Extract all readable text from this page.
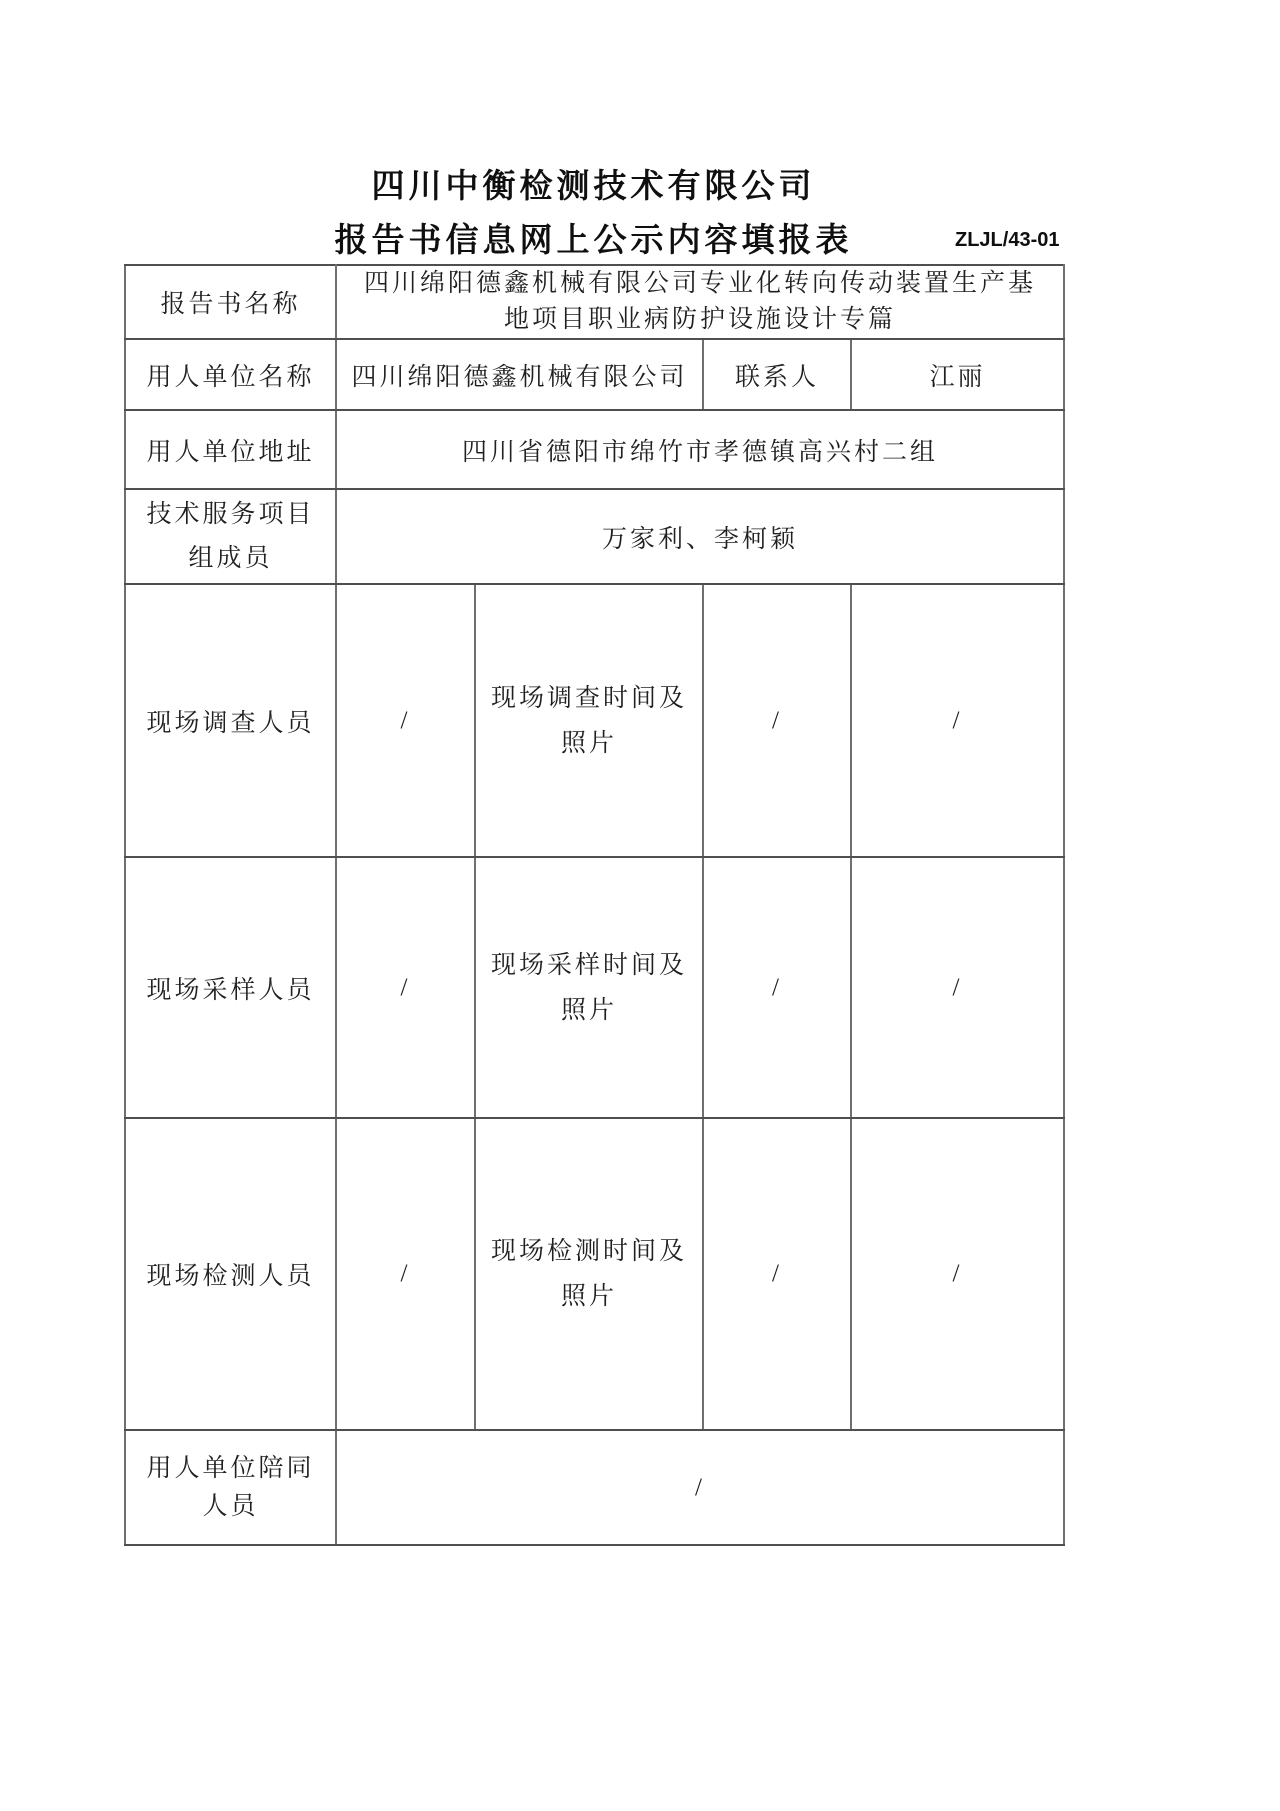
四川中衡检测技术有限公司
报告书信息网上公示内容填报表	ZLJL/43-01
报告书名称	四川绵阳德鑫机械有限公司专业化转向传动装置生产基
地项目职业病防护设施设计专篇			

用人单位名称	四川绵阳德鑫机械有限公司		联系人	江丽
用人单位地址	四川省德阳市绵竹市孝德镇高兴村二组			

技术服务项目
组成员	万家利、李柯颖			
现场调查人员	/	现场调查时间及
照片	/	/
现场采样人员	/	现场采样时间及
照片	/	/
现场检测人员	/	现场检测时间及
照片	/	/

用人单位陪同
人员	/			
